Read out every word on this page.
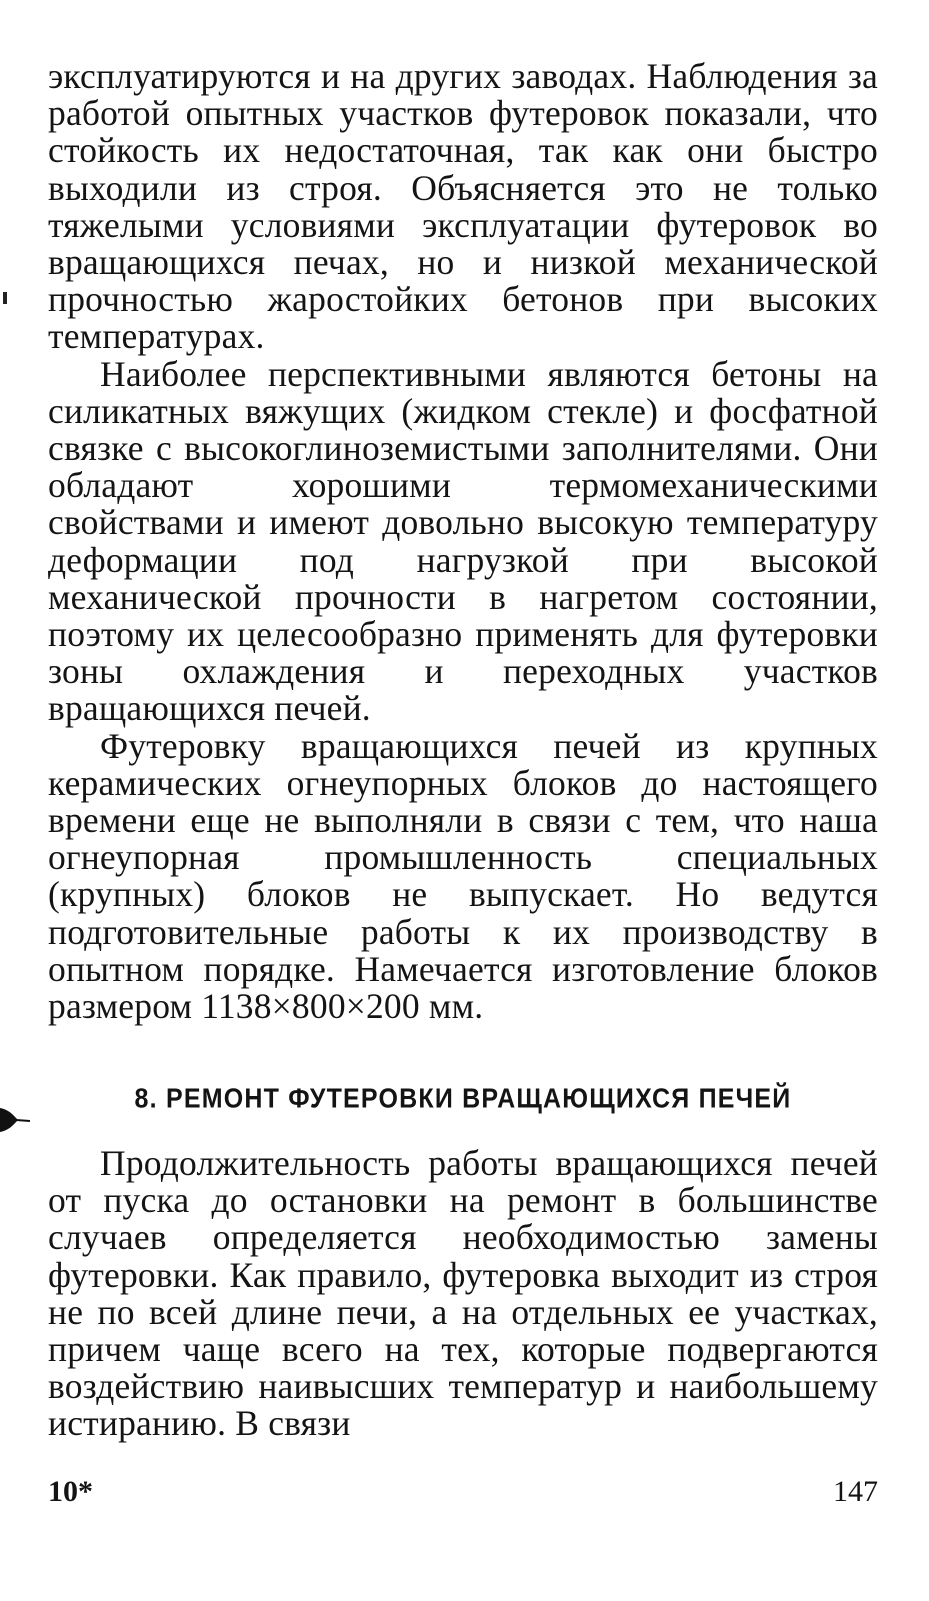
эксплуатируются и на других заводах. Наблюдения за работой опытных участков футеровок показали, что стойкость их недостаточная, так как они быстро выходили из строя. Объясняется это не только тяжелыми условиями эксплуатации футеровок во вращающихся печах, но и низкой механической прочностью жаростойких бетонов при высоких температурах.

Наиболее перспективными являются бетоны на силикатных вяжущих (жидком стекле) и фосфатной связке с высокоглиноземистыми заполнителями. Они обладают хорошими термомеханическими свойствами и имеют довольно высокую температуру деформации под нагрузкой при высокой механической прочности в нагретом состоянии, поэтому их целесообразно применять для футеровки зоны охлаждения и переходных участков вращающихся печей.

Футеровку вращающихся печей из крупных керамических огнеупорных блоков до настоящего времени еще не выполняли в связи с тем, что наша огнеупорная промышленность специальных (крупных) блоков не выпускает. Но ведутся подготовительные работы к их производству в опытном порядке. Намечается изготовление блоков размером 1138×800×200 мм.

8. РЕМОНТ ФУТЕРОВКИ ВРАЩАЮЩИХСЯ ПЕЧЕЙ

Продолжительность работы вращающихся печей от пуска до остановки на ремонт в большинстве случаев определяется необходимостью замены футеровки. Как правило, футеровка выходит из строя не по всей длине печи, а на отдельных ее участках, причем чаще всего на тех, которые подвергаются воздействию наивысших температур и наибольшему истиранию. В связи

10*	147
